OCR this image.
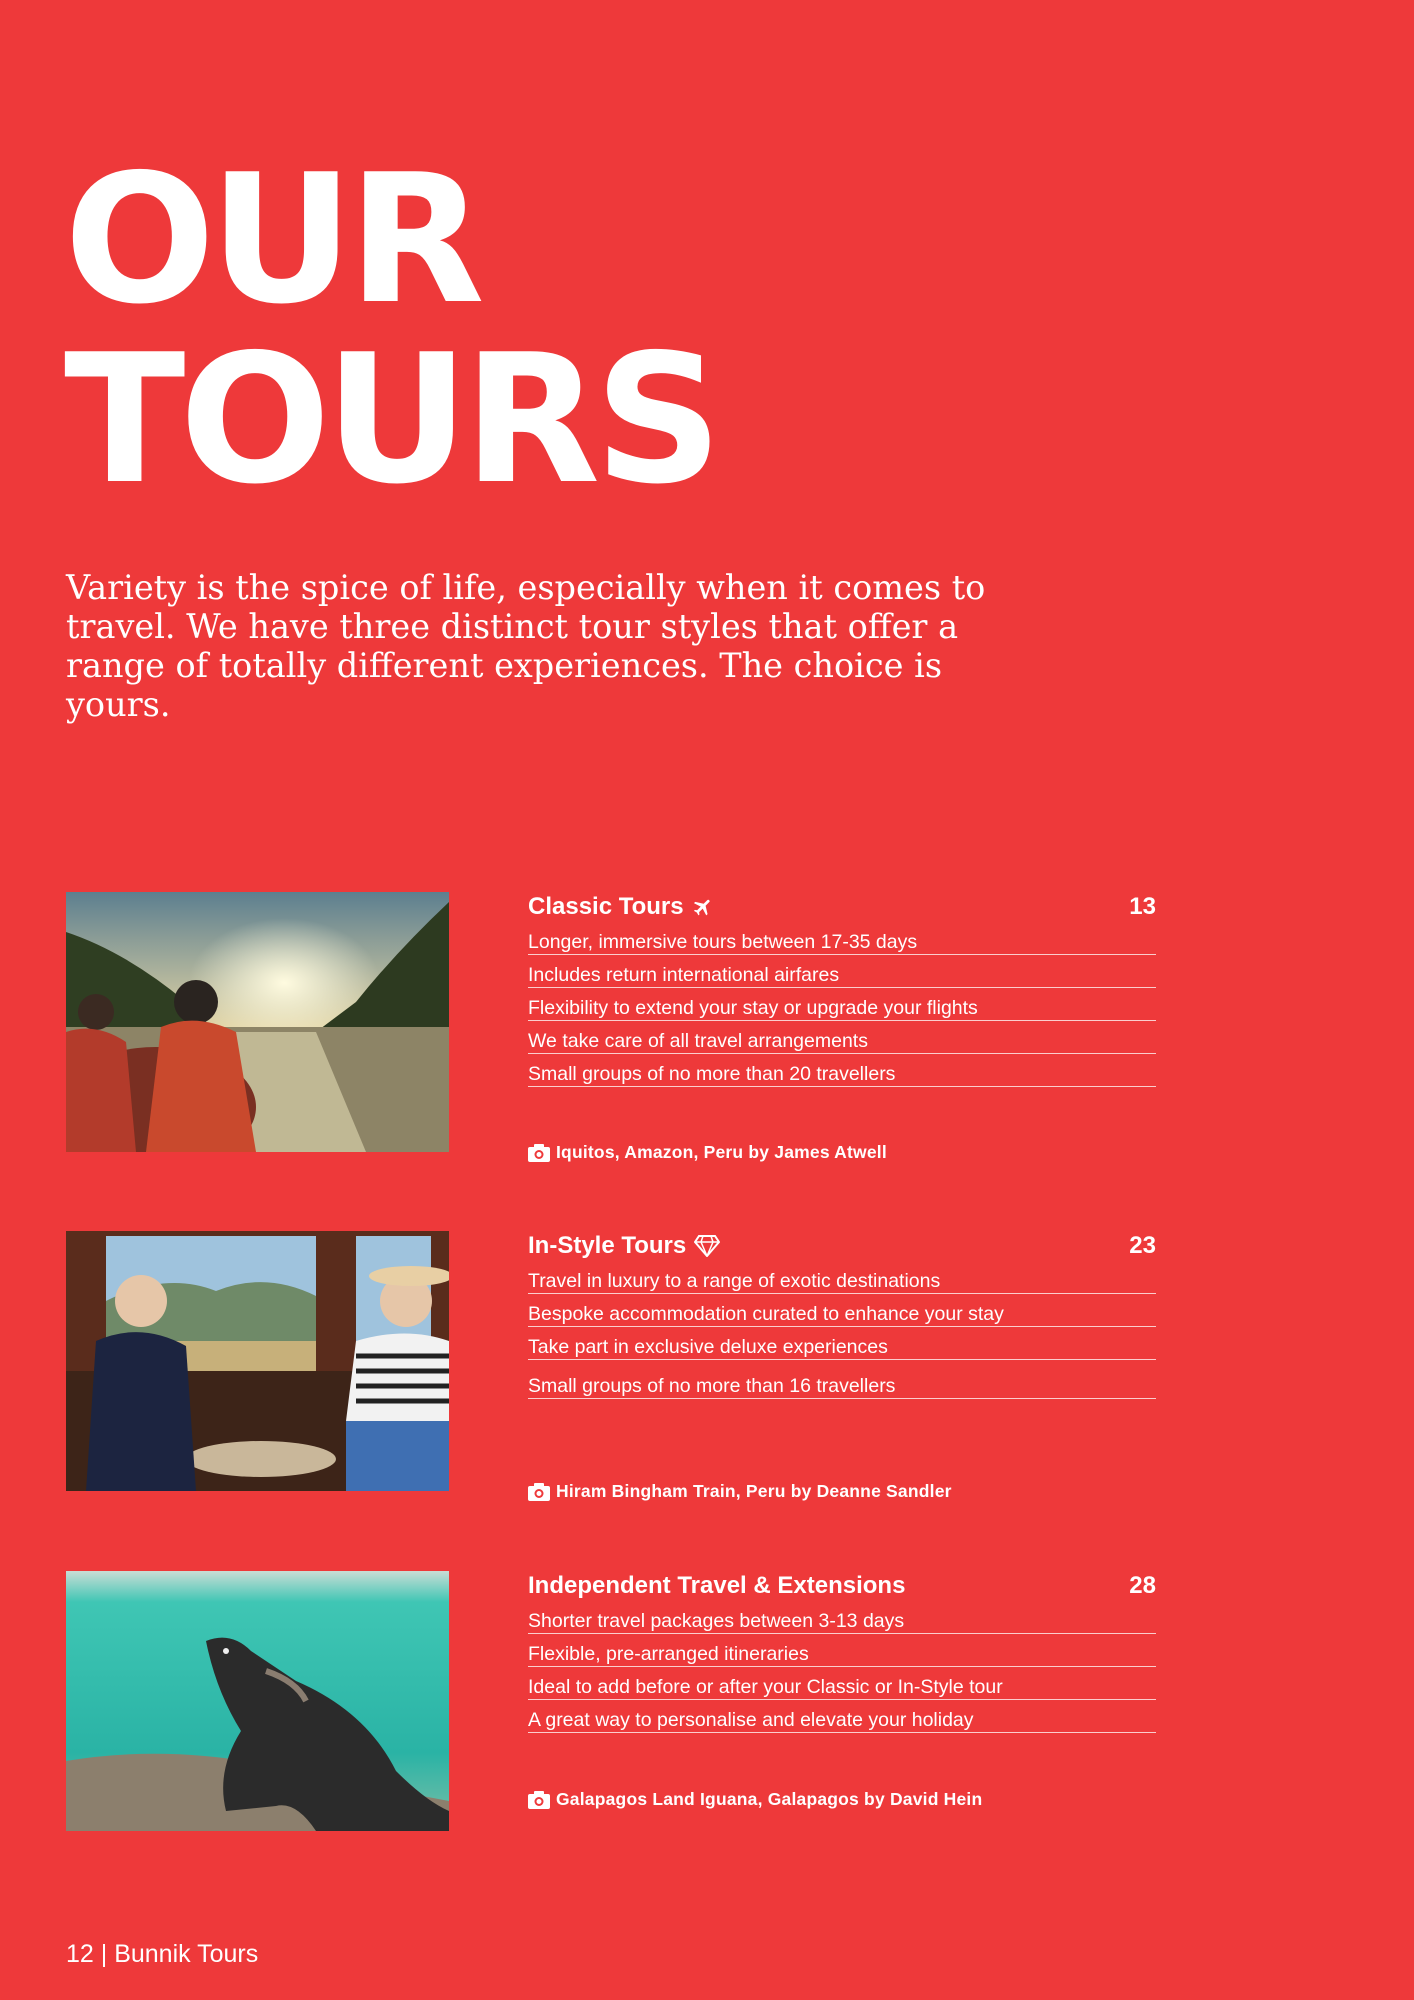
OUR
TOURS

Variety is the spice of life, especially when it comes to travel. We have three distinct tour styles that offer a range of totally different experiences. The choice is yours.

Classic Tours	13
Longer, immersive tours between 17-35 days
Includes return international airfares
Flexibility to extend your stay or upgrade your flights
We take care of all travel arrangements
Small groups of no more than 20 travellers
Iquitos, Amazon, Peru by James Atwell
In-Style Tours	23
Travel in luxury to a range of exotic destinations
Bespoke accommodation curated to enhance your stay
Take part in exclusive deluxe experiences
Small groups of no more than 16 travellers
Hiram Bingham Train, Peru by Deanne Sandler
Independent Travel & Extensions	28
Shorter travel packages between 3-13 days
Flexible, pre-arranged itineraries
Ideal to add before or after your Classic or In-Style tour
A great way to personalise and elevate your holiday
Galapagos Land Iguana, Galapagos by David Hein
12 | Bunnik Tours
